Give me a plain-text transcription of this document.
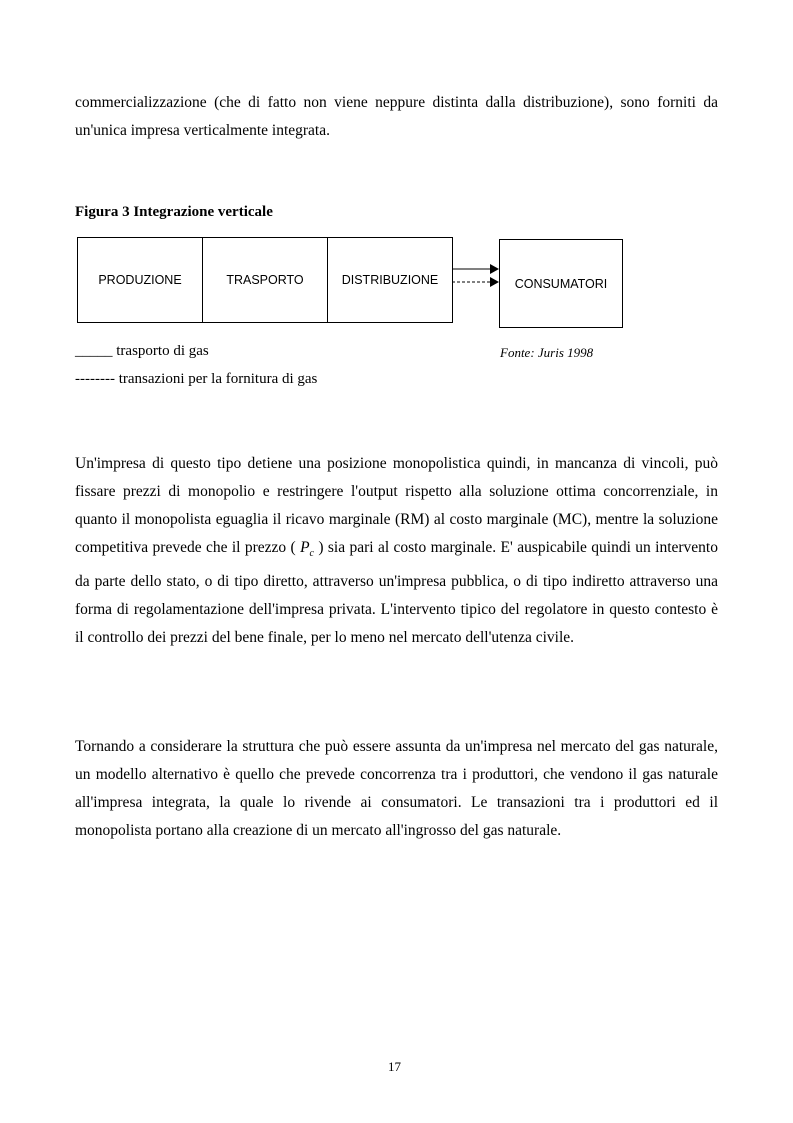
commercializzazione (che di fatto non viene neppure distinta dalla distribuzione), sono forniti da un'unica impresa verticalmente integrata.

Figura 3 Integrazione verticale

PRODUZIONE	TRASPORTO	DISTRIBUZIONE	CONSUMATORI

_____ trasporto di gas	Fonte: Juris 1998

-------- transazioni per la fornitura di gas

Un'impresa di questo tipo detiene una posizione monopolistica quindi, in mancanza di vincoli, può fissare prezzi di monopolio e restringere l'output rispetto alla soluzione ottima concorrenziale, in quanto il monopolista eguaglia il ricavo marginale (RM) al costo marginale (MC), mentre la soluzione competitiva prevede che il prezzo ( $P_c$ ) sia pari al costo marginale. E' auspicabile quindi un intervento da parte dello stato, o di tipo diretto, attraverso un'impresa pubblica, o di tipo indiretto attraverso una forma di regolamentazione dell'impresa privata. L'intervento tipico del regolatore in questo contesto è il controllo dei prezzi del bene finale, per lo meno nel mercato dell'utenza civile.

Tornando a considerare la struttura che può essere assunta da un'impresa nel mercato del gas naturale, un modello alternativo è quello che prevede concorrenza tra i produttori, che vendono il gas naturale all'impresa integrata, la quale lo rivende ai consumatori. Le transazioni tra i produttori ed il monopolista portano alla creazione di un mercato all'ingrosso del gas naturale.

17
